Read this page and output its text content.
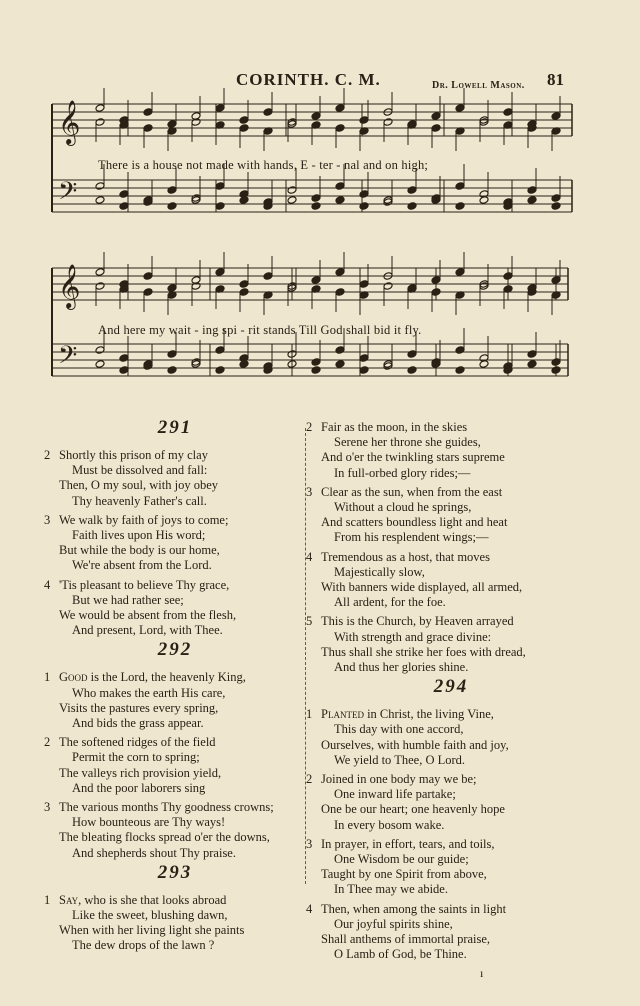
CORINTH. C. M.	Dr. Lowell Mason. 81
𝄞
𝄢
𝄞
𝄢
There is a house not made with hands, E - ter - nal and on high;
And here my wait - ing spi - rit stands Till God shall bid it fly.
291
2 Shortly this prison of my clay
Must be dissolved and fall:
Then, O my soul, with joy obey
Thy heavenly Father's call.
3 We walk by faith of joys to come;
Faith lives upon His word;
But while the body is our home,
We're absent from the Lord.
4 'Tis pleasant to believe Thy grace,
But we had rather see;
We would be absent from the flesh,
And present, Lord, with Thee.
292
1 Good is the Lord, the heavenly King,
Who makes the earth His care,
Visits the pastures every spring,
And bids the grass appear.
2 The softened ridges of the field
Permit the corn to spring;
The valleys rich provision yield,
And the poor laborers sing
3 The various months Thy goodness crowns;
How bounteous are Thy ways!
The bleating flocks spread o'er the downs,
And shepherds shout Thy praise.
293
1 Say, who is she that looks abroad
Like the sweet, blushing dawn,
When with her living light she paints
The dew drops of the lawn ?
2 Fair as the moon, in the skies
Serene her throne she guides,
And o'er the twinkling stars supreme
In full-orbed glory rides;—
3 Clear as the sun, when from the east
Without a cloud he springs,
And scatters boundless light and heat
From his resplendent wings;—
4 Tremendous as a host, that moves
Majestically slow,
With banners wide displayed, all armed,
All ardent, for the foe.
5 This is the Church, by Heaven arrayed
With strength and grace divine:
Thus shall she strike her foes with dread,
And thus her glories shine.
294
1 Planted in Christ, the living Vine,
This day with one accord,
Ourselves, with humble faith and joy,
We yield to Thee, O Lord.
2 Joined in one body may we be;
One inward life partake;
One be our heart; one heavenly hope
In every bosom wake.
3 In prayer, in effort, tears, and toils,
One Wisdom be our guide;
Taught by one Spirit from above,
In Thee may we abide.
4 Then, when among the saints in light
Our joyful spirits shine,
Shall anthems of immortal praise,
O Lamb of God, be Thine.
ı
